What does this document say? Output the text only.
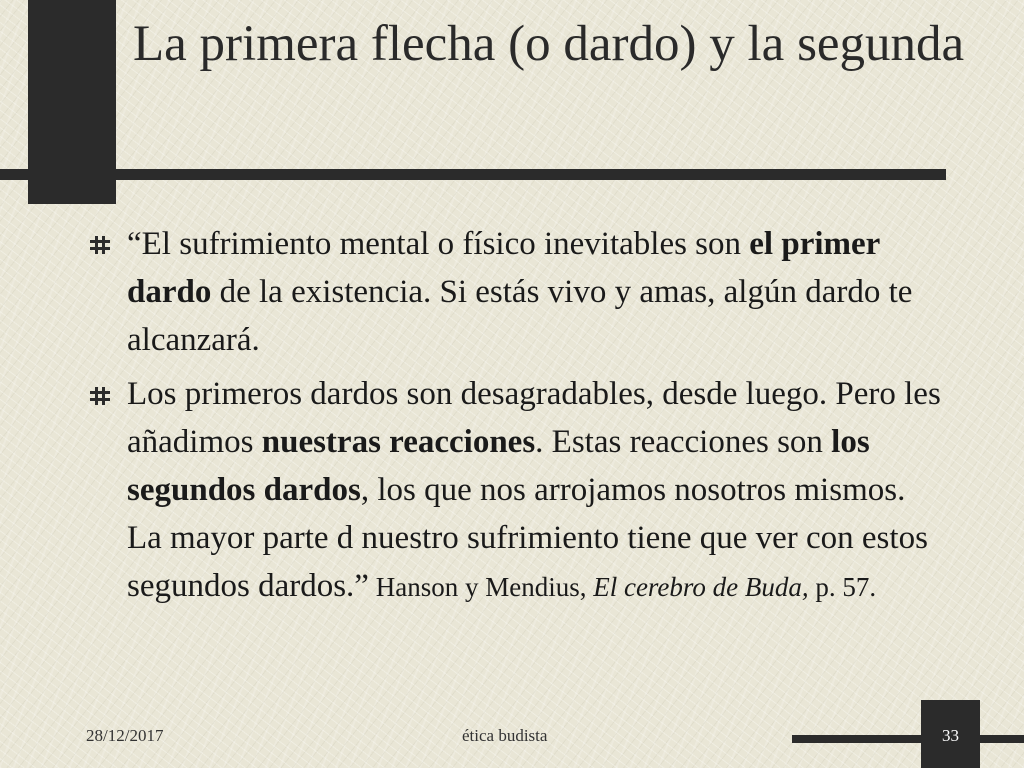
La primera flecha (o dardo) y la segunda
“El sufrimiento mental o físico inevitables son el primer dardo de la existencia. Si estás vivo y amas, algún dardo te alcanzará.
Los primeros dardos son desagradables, desde luego. Pero les añadimos nuestras reacciones. Estas reacciones son los segundos dardos, los que nos arrojamos nosotros mismos. La mayor parte d nuestro sufrimiento tiene que ver con estos segundos dardos.” Hanson y Mendius, El cerebro de Buda, p. 57.
28/12/2017	ética budista	33
